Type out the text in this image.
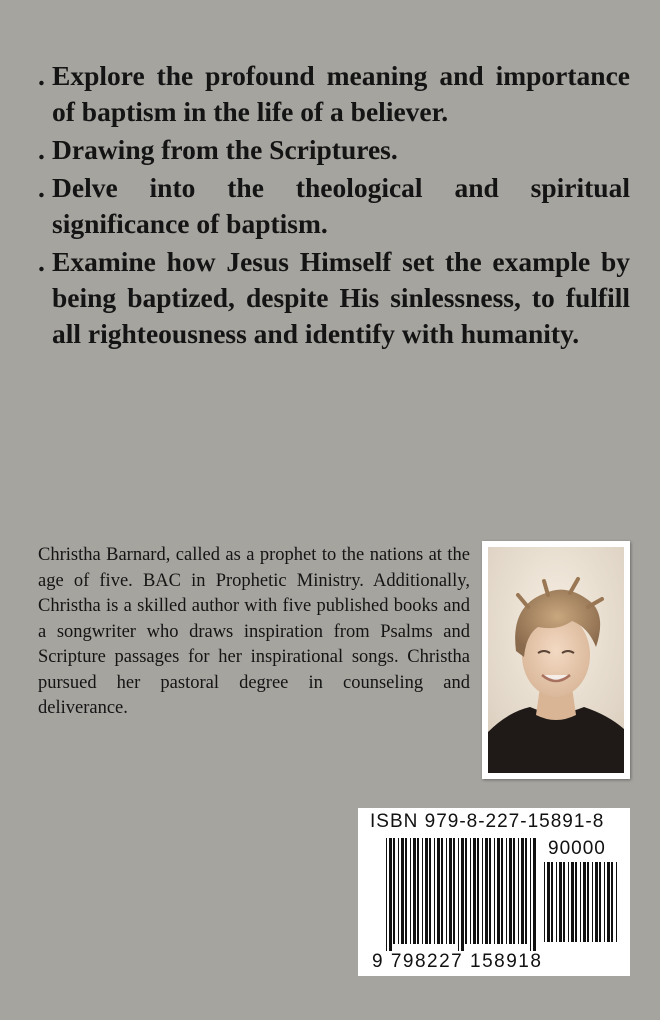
. Explore the profound meaning and importance of baptism in the life of a believer.
. Drawing from the Scriptures.
. Delve into the theological and spiritual significance of baptism.
. Examine how Jesus Himself set the example by being baptized, despite His sinlessness, to fulfill all righteousness and identify with humanity.

Christha Barnard, called as a prophet to the nations at the age of five. BAC in Prophetic Ministry. Additionally, Christha is a skilled author with five published books and a songwriter who draws inspiration from Psalms and Scripture passages for her inspirational songs. Christha pursued her pastoral degree in counseling and deliverance.

ISBN 979-8-227-15891-8
90000
9 798227 158918
